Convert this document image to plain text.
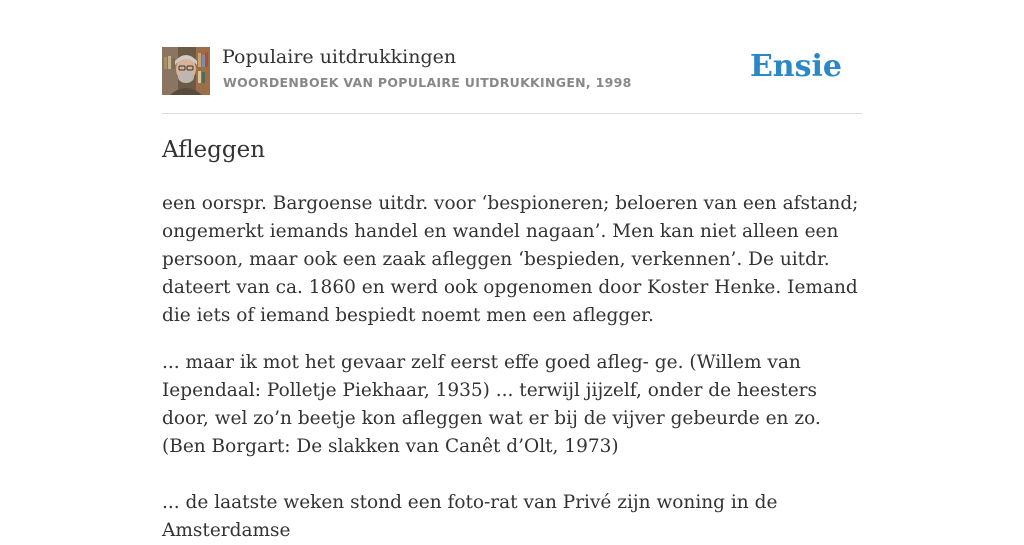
Populaire uitdrukkingen
WOORDENBOEK VAN POPULAIRE UITDRUKKINGEN, 1998	Ensie
Afleggen

een oorspr. Bargoense uitdr. voor ‘bespioneren; beloeren van een afstand; ongemerkt iemands handel en wandel nagaan’. Men kan niet alleen een persoon, maar ook een zaak afleggen ‘bespieden, verkennen’. De uitdr. dateert van ca. 1860 en werd ook opgenomen door Koster Henke. Iemand die iets of iemand bespiedt noemt men een aflegger.

... maar ik mot het gevaar zelf eerst effe goed afleg- ge. (Willem van Iependaal: Polletje Piekhaar, 1935) ... terwijl jijzelf, onder de heesters door, wel zo’n beetje kon afleggen wat er bij de vijver gebeurde en zo. (Ben Borgart: De slakken van Canêt d’Olt, 1973)

... de laatste weken stond een foto-rat van Privé zijn woning in de Amsterdamse
